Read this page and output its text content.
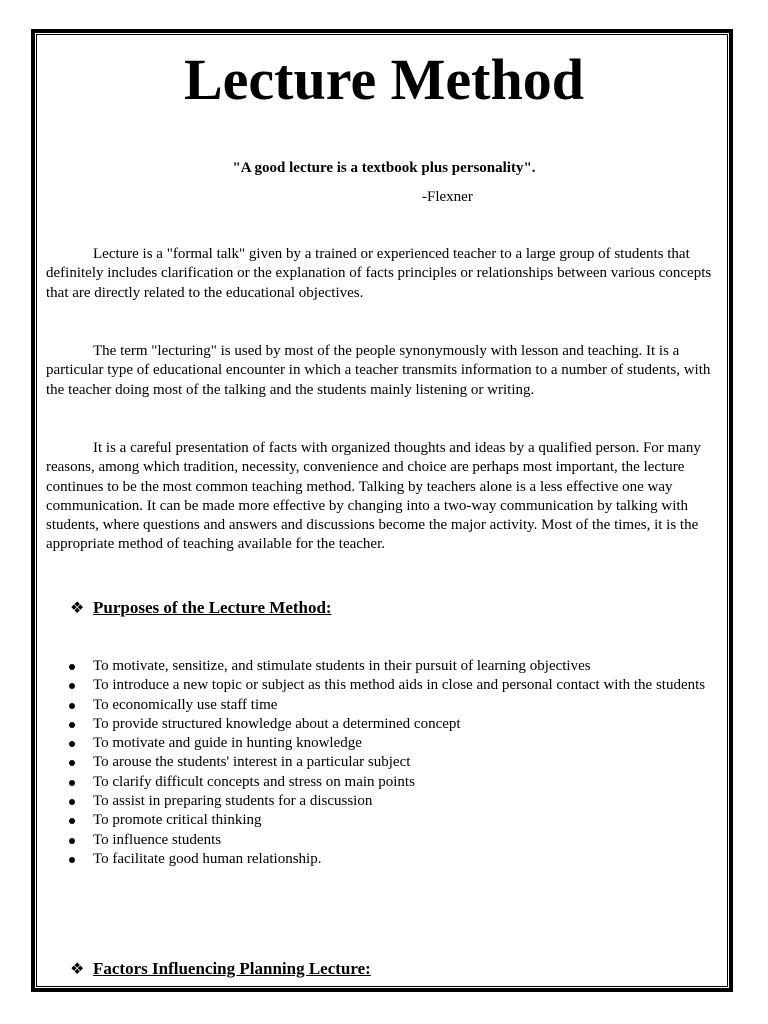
Lecture Method
"A good lecture is a textbook plus personality".
-Flexner

Lecture is a "formal talk" given by a trained or experienced teacher to a large group of students that definitely includes clarification or the explanation of facts principles or relationships between various concepts that are directly related to the educational objectives.

The term "lecturing" is used by most of the people synonymously with lesson and teaching. It is a particular type of educational encounter in which a teacher transmits information to a number of students, with the teacher doing most of the talking and the students mainly listening or writing.

It is a careful presentation of facts with organized thoughts and ideas by a qualified person. For many reasons, among which tradition, necessity, convenience and choice are perhaps most important, the lecture continues to be the most common teaching method. Talking by teachers alone is a less effective one way communication. It can be made more effective by changing into a two-way communication by talking with students, where questions and answers and discussions become the major activity. Most of the times, it is the appropriate method of teaching available for the teacher.

❖ Purposes of the Lecture Method:
To motivate, sensitize, and stimulate students in their pursuit of learning objectives
To introduce a new topic or subject as this method aids in close and personal contact with the students
To economically use staff time
To provide structured knowledge about a determined concept
To motivate and guide in hunting knowledge
To arouse the students' interest in a particular subject
To clarify difficult concepts and stress on main points
To assist in preparing students for a discussion
To promote critical thinking
To influence students
To facilitate good human relationship.
❖ Factors Influencing Planning Lecture:
